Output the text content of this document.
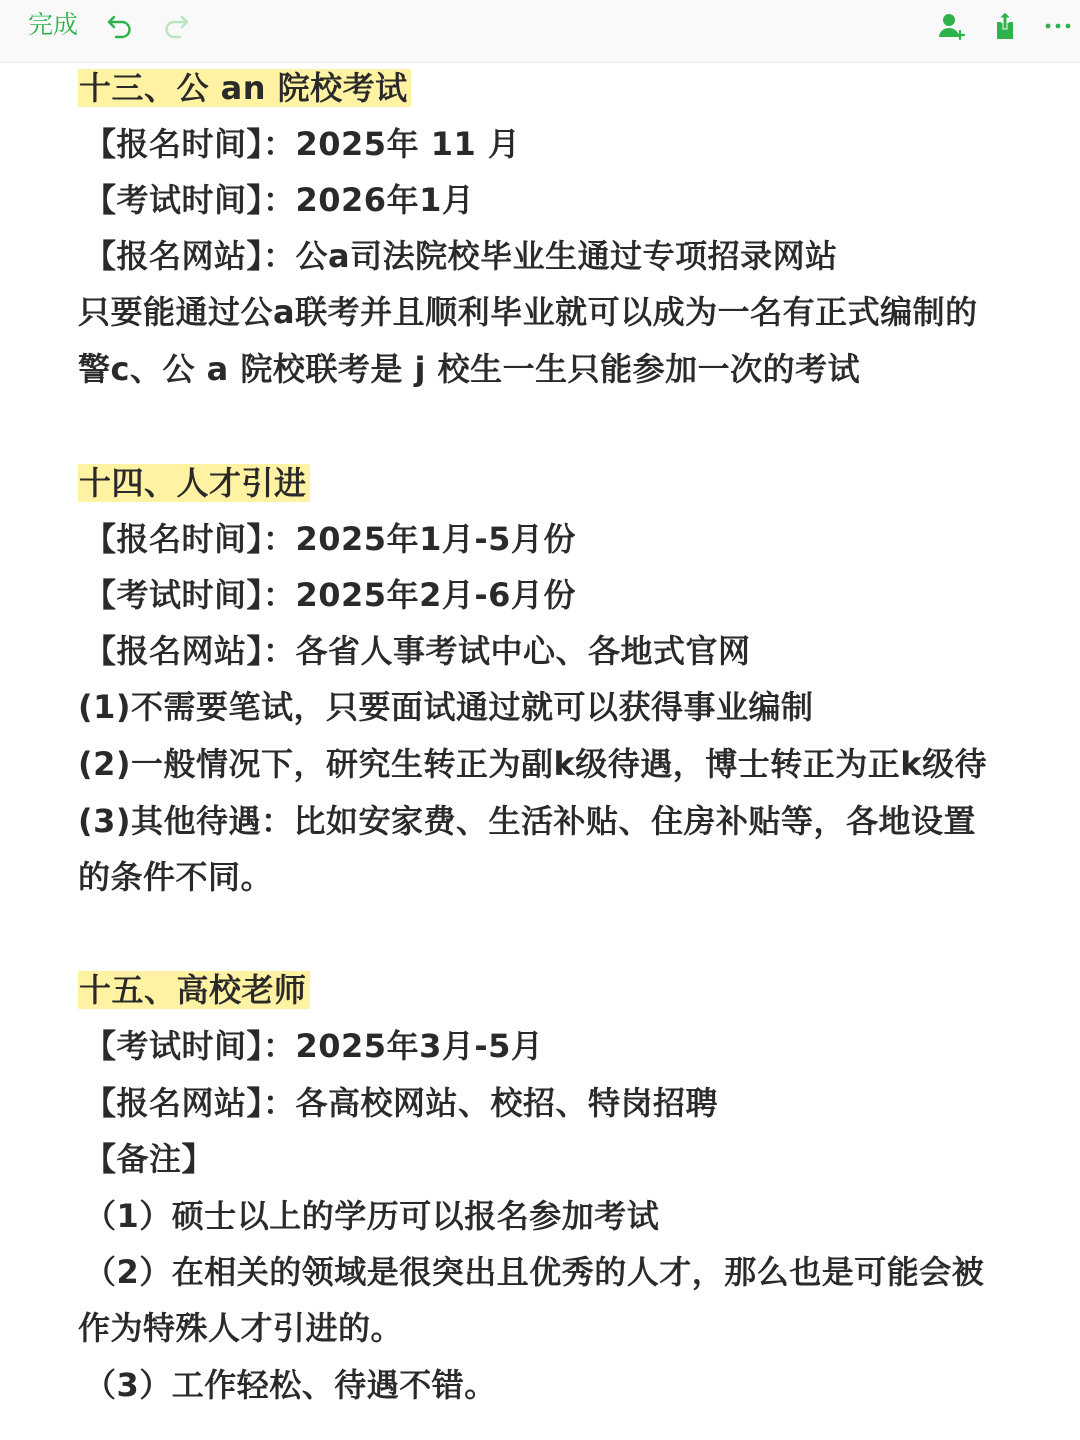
完成
十三、公 an 院校考试
【报名时间】：2025年 11 月
【考试时间】：2026年1月
【报名网站】：公a司法院校毕业生通过专项招录网站
只要能通过公a联考并且顺利毕业就可以成为一名有正式编制的
警c、公 a 院校联考是 j 校生一生只能参加一次的考试
十四、人才引进
【报名时间】：2025年1月-5月份
【考试时间】：2025年2月-6月份
【报名网站】：各省人事考试中心、各地式官网
(1)不需要笔试，只要面试通过就可以获得事业编制
(2)一般情况下，研究生转正为副k级待遇，博士转正为正k级待
(3)其他待遇：比如安家费、生活补贴、住房补贴等，各地设置
的条件不同。
十五、高校老师
【考试时间】：2025年3月-5月
【报名网站】：各高校网站、校招、特岗招聘
【备注】
（1）硕士以上的学历可以报名参加考试
（2）在相关的领域是很突出且优秀的人才，那么也是可能会被
作为特殊人才引进的。
（3）工作轻松、待遇不错。
